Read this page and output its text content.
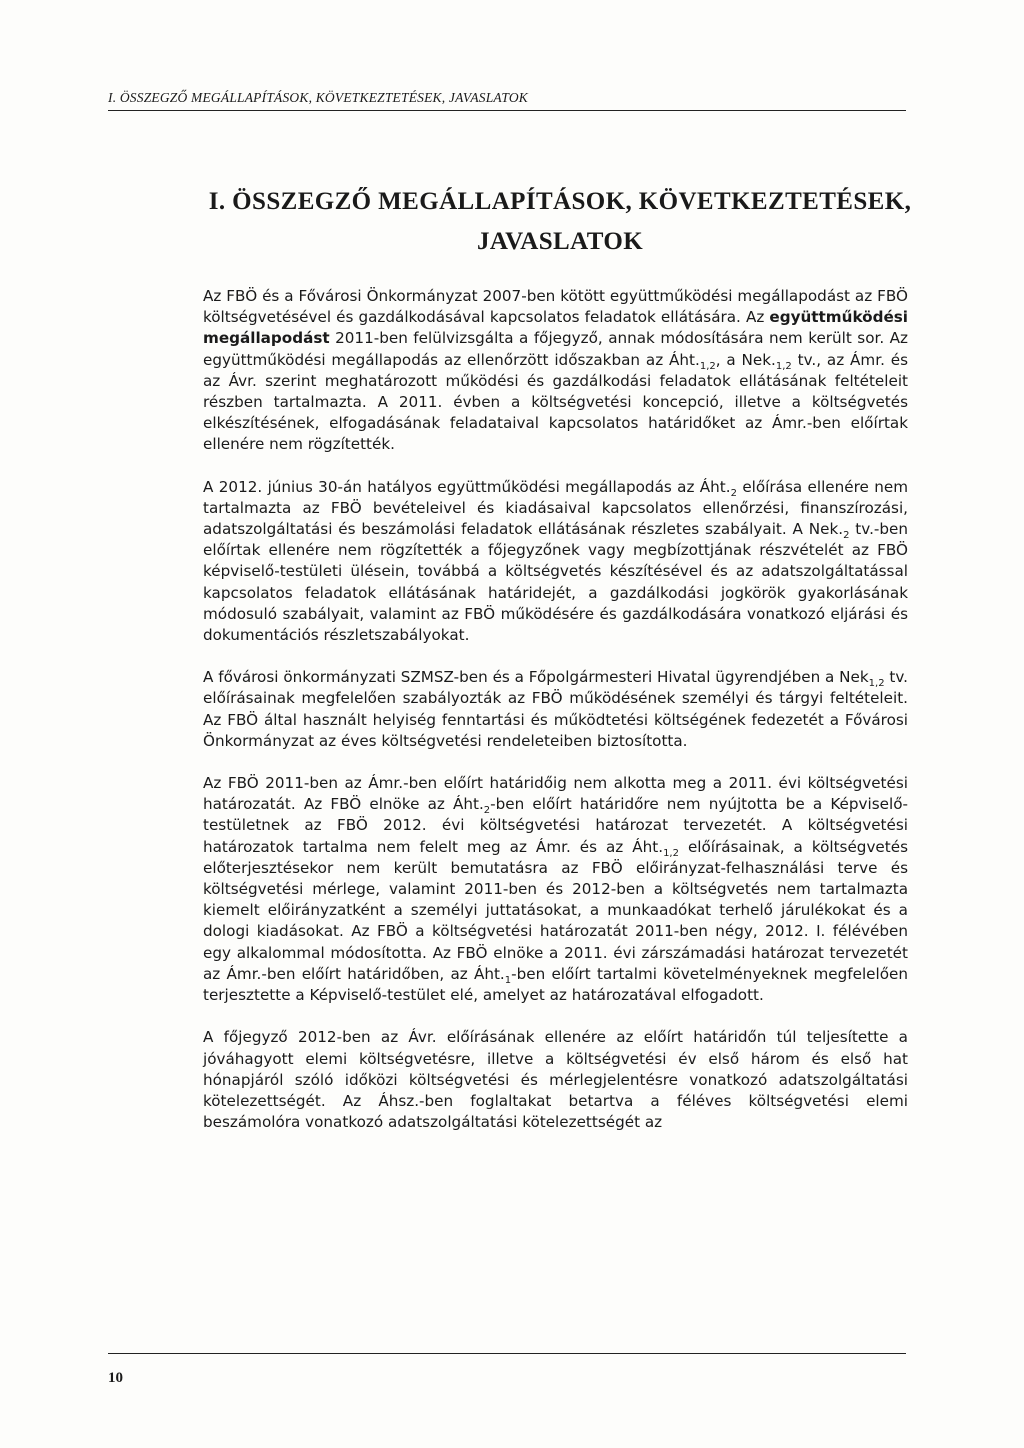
I. ÖSSZEGZŐ MEGÁLLAPÍTÁSOK, KÖVETKEZTETÉSEK, JAVASLATOK
I. ÖSSZEGZŐ MEGÁLLAPÍTÁSOK, KÖVETKEZTETÉSEK, JAVASLATOK

Az FBÖ és a Fővárosi Önkormányzat 2007-ben kötött együttműködési megállapodást az FBÖ költségvetésével és gazdálkodásával kapcsolatos feladatok ellátására. Az együttműködési megállapodást 2011-ben felülvizsgálta a főjegyző, annak módosítására nem került sor. Az együttműködési megállapodás az ellenőrzött időszakban az $Áht._{1,2}$, a $Nek._{1,2}$ tv., az Ámr. és az Ávr. szerint meghatározott működési és gazdálkodási feladatok ellátásának feltételeit részben tartalmazta. A 2011. évben a költségvetési koncepció, illetve a költségvetés elkészítésének, elfogadásának feladataival kapcsolatos határidőket az Ámr.-ben előírtak ellenére nem rögzítették.

A 2012. június 30-án hatályos együttműködési megállapodás az $Áht._2$ előírása ellenére nem tartalmazta az FBÖ bevételeivel és kiadásaival kapcsolatos ellenőrzési, finanszírozási, adatszolgáltatási és beszámolási feladatok ellátásának részletes szabályait. A $Nek._2$ tv.-ben előírtak ellenére nem rögzítették a főjegyzőnek vagy megbízottjának részvételét az FBÖ képviselő-testületi ülésein, továbbá a költségvetés készítésével és az adatszolgáltatással kapcsolatos feladatok ellátásának határidejét, a gazdálkodási jogkörök gyakorlásának módosuló szabályait, valamint az FBÖ működésére és gazdálkodására vonatkozó eljárási és dokumentációs részletszabályokat.

A fővárosi önkormányzati SZMSZ-ben és a Főpolgármesteri Hivatal ügyrendjében a Nek$_{1,2}$ tv. előírásainak megfelelően szabályozták az FBÖ működésének személyi és tárgyi feltételeit. Az FBÖ által használt helyiség fenntartási és működtetési költségének fedezetét a Fővárosi Önkormányzat az éves költségvetési rendeleteiben biztosította.

Az FBÖ 2011-ben az Ámr.-ben előírt határidőig nem alkotta meg a 2011. évi költségvetési határozatát. Az FBÖ elnöke az $Áht._2$-ben előírt határidőre nem nyújtotta be a Képviselő-testületnek az FBÖ 2012. évi költségvetési határozat tervezetét. A költségvetési határozatok tartalma nem felelt meg az Ámr. és az $Áht._{1,2}$ előírásainak, a költségvetés előterjesztésekor nem került bemutatásra az FBÖ előirányzat-felhasználási terve és költségvetési mérlege, valamint 2011-ben és 2012-ben a költségvetés nem tartalmazta kiemelt előirányzatként a személyi juttatásokat, a munkaadókat terhelő járulékokat és a dologi kiadásokat. Az FBÖ a költségvetési határozatát 2011-ben négy, 2012. I. félévében egy alkalommal módosította. Az FBÖ elnöke a 2011. évi zárszámadási határozat tervezetét az Ámr.-ben előírt határidőben, az $Áht._1$-ben előírt tartalmi követelményeknek megfelelően terjesztette a Képviselő-testület elé, amelyet az határozatával elfogadott.

A főjegyző 2012-ben az Ávr. előírásának ellenére az előírt határidőn túl teljesítette a jóváhagyott elemi költségvetésre, illetve a költségvetési év első három és első hat hónapjáról szóló időközi költségvetési és mérlegjelentésre vonatkozó adatszolgáltatási kötelezettségét. Az Áhsz.-ben foglaltakat betartva a féléves költségvetési elemi beszámolóra vonatkozó adatszolgáltatási kötelezettségét az

10
